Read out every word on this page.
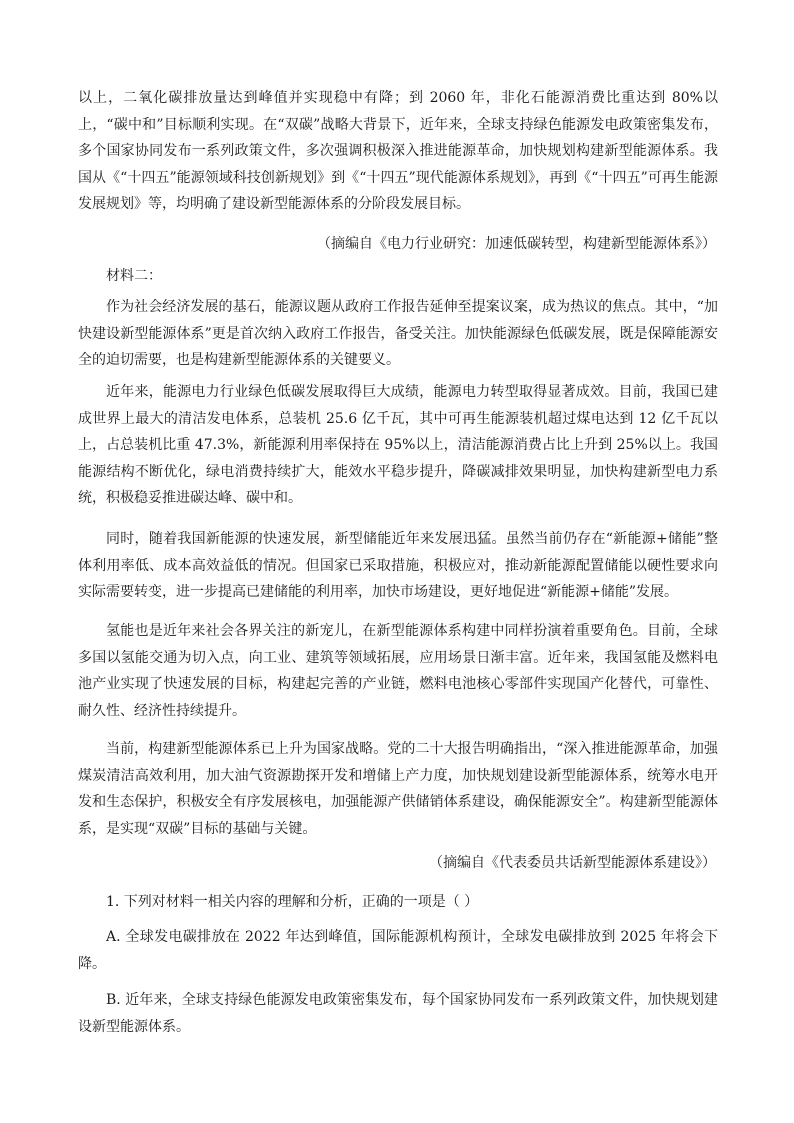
以上，二氧化碳排放量达到峰值并实现稳中有降；到 2060 年，非化石能源消费比重达到 80%以上，“碳中和”目标顺利实现。在“双碳”战略大背景下，近年来，全球支持绿色能源发电政策密集发布，多个国家协同发布一系列政策文件，多次强调积极深入推进能源革命，加快规划构建新型能源体系。我国从《“十四五”能源领域科技创新规划》到《“十四五”现代能源体系规划》，再到《“十四五”可再生能源发展规划》等，均明确了建设新型能源体系的分阶段发展目标。

（摘编自《电力行业研究：加速低碳转型，构建新型能源体系》）

材料二：

作为社会经济发展的基石，能源议题从政府工作报告延伸至提案议案，成为热议的焦点。其中，“加快建设新型能源体系”更是首次纳入政府工作报告，备受关注。加快能源绿色低碳发展，既是保障能源安全的迫切需要，也是构建新型能源体系的关键要义。

近年来，能源电力行业绿色低碳发展取得巨大成绩，能源电力转型取得显著成效。目前，我国已建成世界上最大的清洁发电体系，总装机 25.6 亿千瓦，其中可再生能源装机超过煤电达到 12 亿千瓦以上，占总装机比重 47.3%，新能源利用率保持在 95%以上，清洁能源消费占比上升到 25%以上。我国能源结构不断优化，绿电消费持续扩大，能效水平稳步提升，降碳减排效果明显，加快构建新型电力系统，积极稳妥推进碳达峰、碳中和。

同时，随着我国新能源的快速发展，新型储能近年来发展迅猛。虽然当前仍存在“新能源+储能”整体利用率低、成本高效益低的情况。但国家已采取措施，积极应对，推动新能源配置储能以硬性要求向实际需要转变，进一步提高已建储能的利用率，加快市场建设，更好地促进“新能源+储能”发展。

氢能也是近年来社会各界关注的新宠儿，在新型能源体系构建中同样扮演着重要角色。目前，全球多国以氢能交通为切入点，向工业、建筑等领域拓展，应用场景日渐丰富。近年来，我国氢能及燃料电池产业实现了快速发展的目标，构建起完善的产业链，燃料电池核心零部件实现国产化替代，可靠性、耐久性、经济性持续提升。

当前，构建新型能源体系已上升为国家战略。党的二十大报告明确指出，“深入推进能源革命，加强煤炭清洁高效利用，加大油气资源勘探开发和增储上产力度，加快规划建设新型能源体系，统筹水电开发和生态保护，积极安全有序发展核电，加强能源产供储销体系建设，确保能源安全”。构建新型能源体系，是实现“双碳”目标的基础与关键。

（摘编自《代表委员共话新型能源体系建设》）

1. 下列对材料一相关内容的理解和分析，正确的一项是（ ）

A. 全球发电碳排放在 2022 年达到峰值，国际能源机构预计，全球发电碳排放到 2025 年将会下降。

B. 近年来，全球支持绿色能源发电政策密集发布，每个国家协同发布一系列政策文件，加快规划建设新型能源体系。
